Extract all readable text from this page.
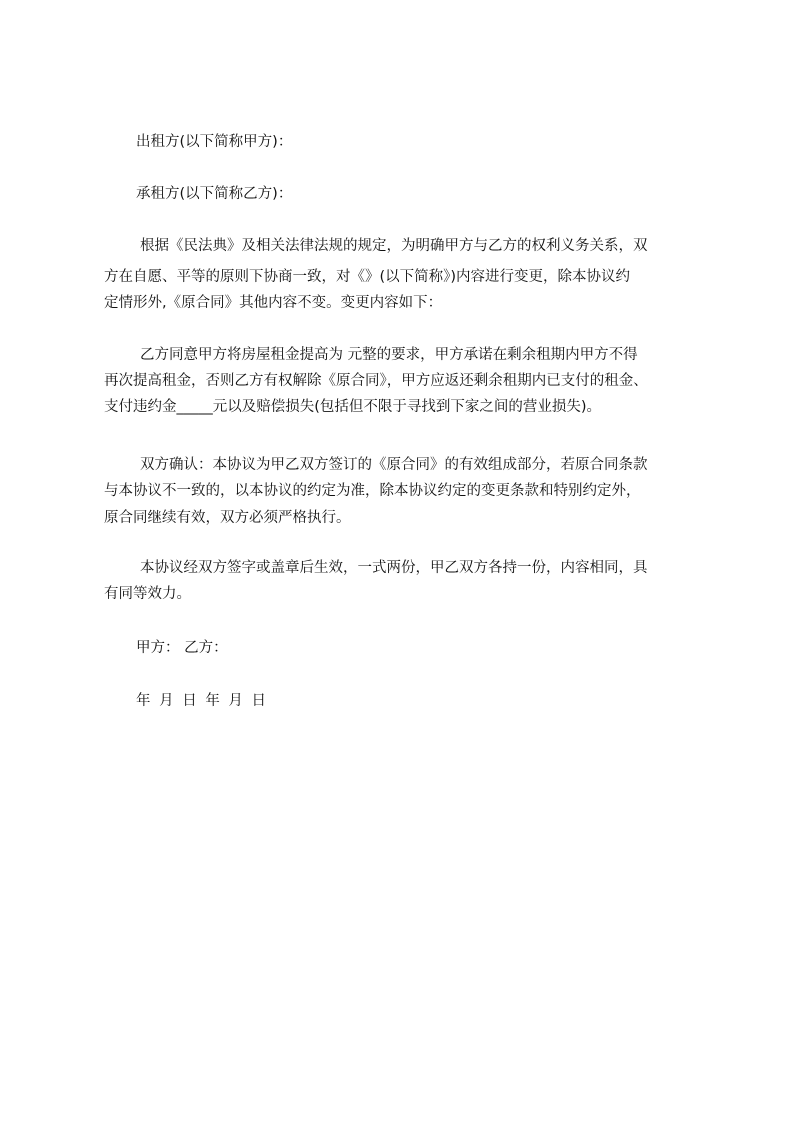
出租方(以下简称甲方)：
承租方(以下简称乙方)：
根据《民法典》及相关法律法规的规定，为明确甲方与乙方的权利义务关系，双
方在自愿、平等的原则下协商一致，对《》(以下简称》)内容进行变更，除本协议约
定情形外,《原合同》其他内容不变。变更内容如下：
乙方同意甲方将房屋租金提高为 元整的要求，甲方承诺在剩余租期内甲方不得
再次提高租金，否则乙方有权解除《原合同》，甲方应返还剩余租期内已支付的租金、
支付违约金_____元以及赔偿损失(包括但不限于寻找到下家之间的营业损失)。
双方确认：本协议为甲乙双方签订的《原合同》的有效组成部分，若原合同条款
与本协议不一致的，以本协议的约定为准，除本协议约定的变更条款和特别约定外，
原合同继续有效，双方必须严格执行。
本协议经双方签字或盖章后生效，一式两份，甲乙双方各持一份，内容相同，具
有同等效力。
甲方： 乙方：
年 月 日 年 月 日
